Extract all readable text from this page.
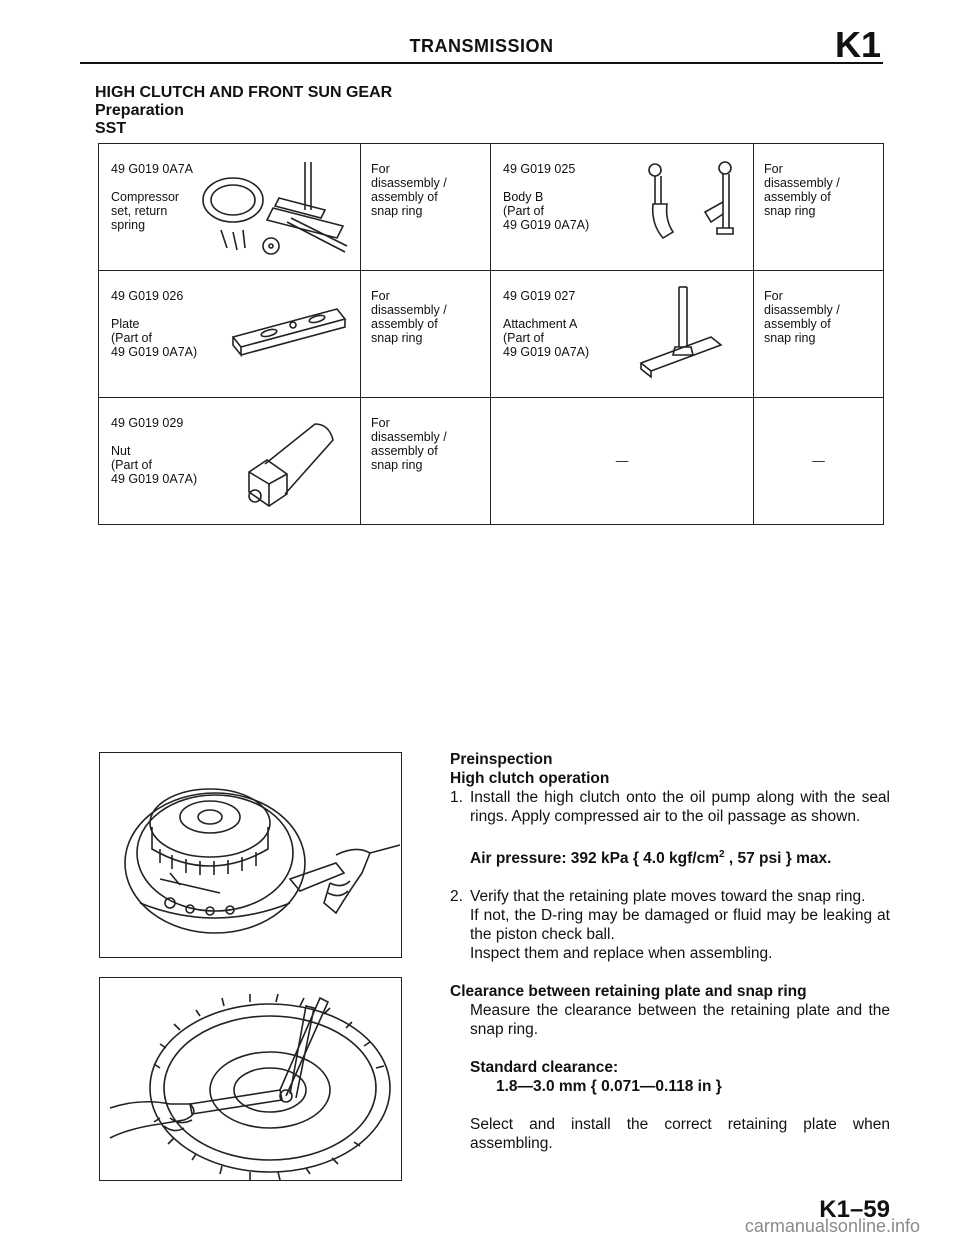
TRANSMISSION	K1
HIGH CLUTCH AND FRONT SUN GEAR
Preparation
SST
49 G019 0A7A

Compressor
set, return
spring	For
disassembly /
assembly of
snap ring	49 G019 025

Body B
(Part of
49 G019 0A7A)	For
disassembly /
assembly of
snap ring

49 G019 026

Plate
(Part of
49 G019 0A7A)	For
disassembly /
assembly of
snap ring	49 G019 027

Attachment A
(Part of
49 G019 0A7A)	For
disassembly /
assembly of
snap ring

49 G019 029

Nut
(Part of
49 G019 0A7A)	For
disassembly /
assembly of
snap ring	—	—
Preinspection
High clutch operation
1. Install the high clutch onto the oil pump along with the seal rings. Apply compressed air to the oil passage as shown.
Air pressure: 392 kPa { 4.0 kgf/$cm^2$ , 57 psi } max.
2. Verify that the retaining plate moves toward the snap ring.
If not, the D-ring may be damaged or fluid may be leaking at the piston check ball.
Inspect them and replace when assembling.
Clearance between retaining plate and snap ring
Measure the clearance between the retaining plate and the snap ring.
Standard clearance:
1.8—3.0 mm { 0.071—0.118 in }
Select and install the correct retaining plate when assembling.
K1–59
carmanualsonline.info
